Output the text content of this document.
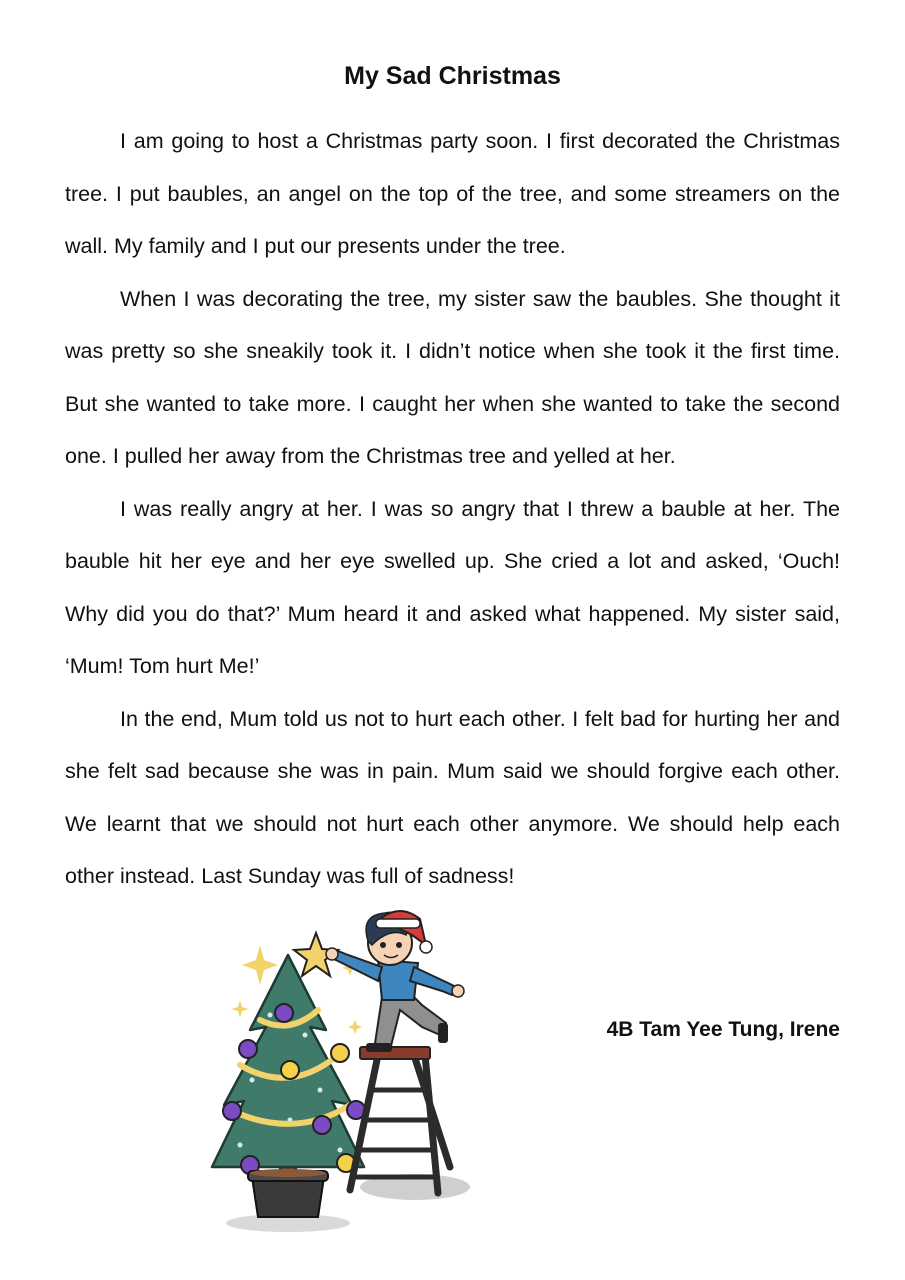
My Sad Christmas

I am going to host a Christmas party soon. I first decorated the Christmas tree. I put baubles, an angel on the top of the tree, and some streamers on the wall. My family and I put our presents under the tree.

When I was decorating the tree, my sister saw the baubles. She thought it was pretty so she sneakily took it. I didn’t notice when she took it the first time. But she wanted to take more. I caught her when she wanted to take the second one. I pulled her away from the Christmas tree and yelled at her.

I was really angry at her. I was so angry that I threw a bauble at her. The bauble hit her eye and her eye swelled up. She cried a lot and asked, ‘Ouch! Why did you do that?’ Mum heard it and asked what happened. My sister said, ‘Mum! Tom hurt Me!’

In the end, Mum told us not to hurt each other. I felt bad for hurting her and she felt sad because she was in pain. Mum said we should forgive each other. We learnt that we should not hurt each other anymore. We should help each other instead. Last Sunday was full of sadness!

4B Tam Yee Tung, Irene
